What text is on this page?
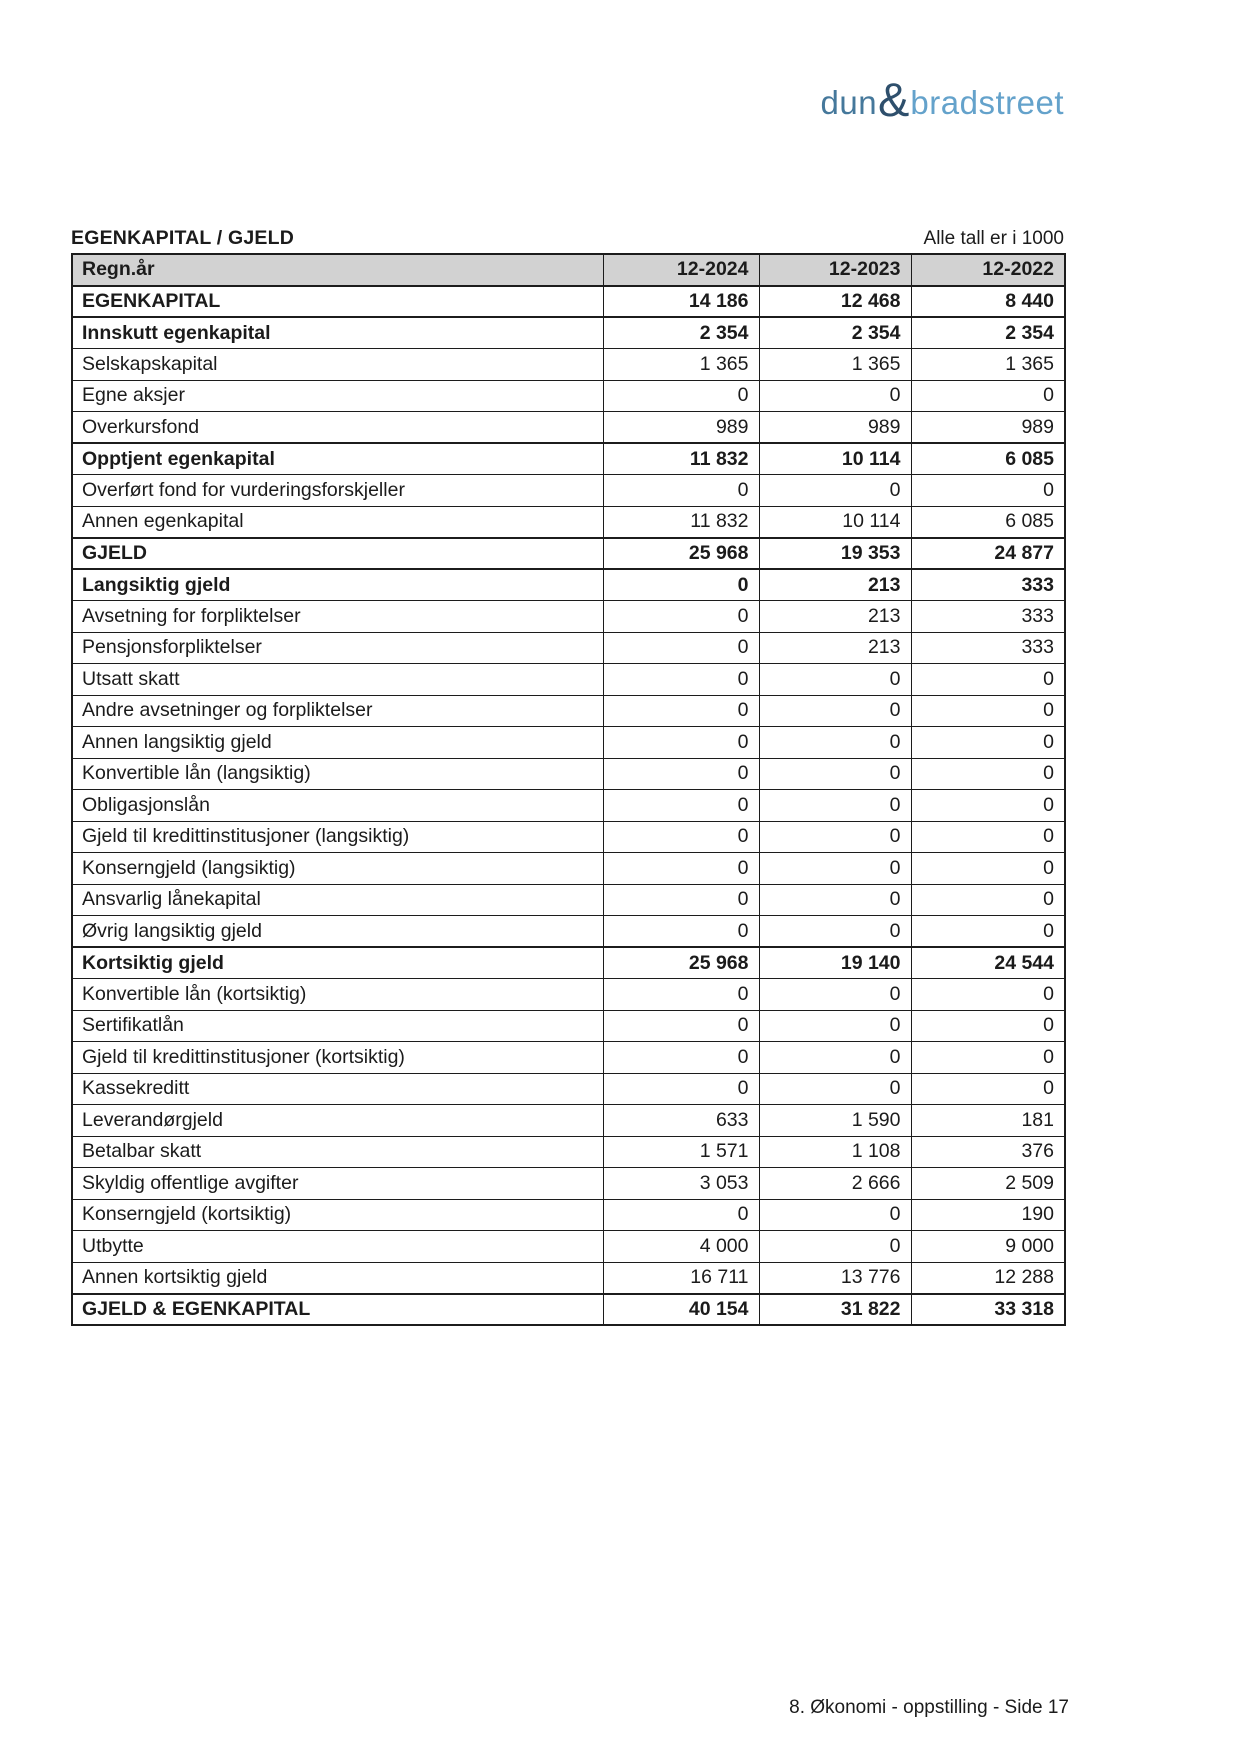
dun&bradstreet
EGENKAPITAL / GJELD	Alle tall er i 1000
Regn.år	12-2024	12-2023	12-2022
EGENKAPITAL	14 186	12 468	8 440
Innskutt egenkapital	2 354	2 354	2 354
Selskapskapital	1 365	1 365	1 365
Egne aksjer	0	0	0
Overkursfond	989	989	989
Opptjent egenkapital	11 832	10 114	6 085
Overført fond for vurderingsforskjeller	0	0	0
Annen egenkapital	11 832	10 114	6 085
GJELD	25 968	19 353	24 877
Langsiktig gjeld	0	213	333
Avsetning for forpliktelser	0	213	333
Pensjonsforpliktelser	0	213	333
Utsatt skatt	0	0	0
Andre avsetninger og forpliktelser	0	0	0
Annen langsiktig gjeld	0	0	0
Konvertible lån (langsiktig)	0	0	0
Obligasjonslån	0	0	0
Gjeld til kredittinstitusjoner (langsiktig)	0	0	0
Konserngjeld (langsiktig)	0	0	0
Ansvarlig lånekapital	0	0	0
Øvrig langsiktig gjeld	0	0	0
Kortsiktig gjeld	25 968	19 140	24 544
Konvertible lån (kortsiktig)	0	0	0
Sertifikatlån	0	0	0
Gjeld til kredittinstitusjoner (kortsiktig)	0	0	0
Kassekreditt	0	0	0
Leverandørgjeld	633	1 590	181
Betalbar skatt	1 571	1 108	376
Skyldig offentlige avgifter	3 053	2 666	2 509
Konserngjeld (kortsiktig)	0	0	190
Utbytte	4 000	0	9 000
Annen kortsiktig gjeld	16 711	13 776	12 288
GJELD & EGENKAPITAL	40 154	31 822	33 318
8. Økonomi - oppstilling - Side 17
